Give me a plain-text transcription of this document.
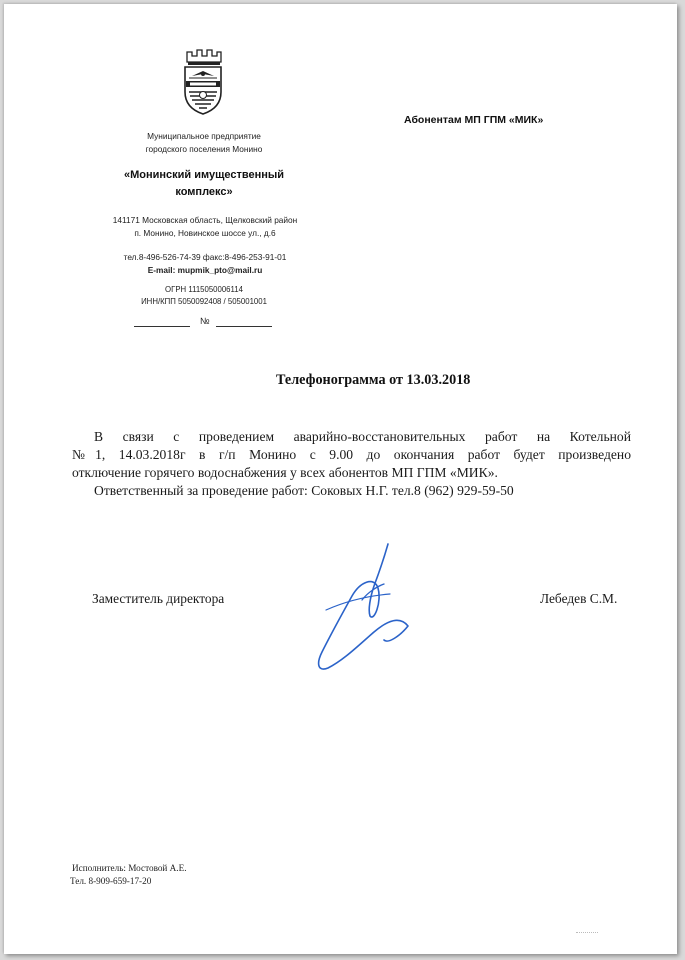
Муниципальное предприятие
городского поселения Монино
«Монинский имущественный
комплекс»
141171 Московская область, Щелковский район
п. Монино, Новинское шоссе ул., д.6
тел.8-496-526-74-39 факс:8-496-253-91-01
E-mail: mupmik_pto@mail.ru
ОГРН 1115050006114
ИНН/КПП 5050092408 / 505001001
№
Абонентам МП ГПМ «МИК»
Телефонограмма от 13.03.2018
В связи с проведением аварийно-восстановительных работ на Котельной
№1, 14.03.2018г в г/п Монино с 9.00 до окончания работ будет произведено
отключение горячего водоснабжения у всех абонентов МП ГПМ «МИК».
Ответственный за проведение работ: Соковых Н.Г. тел.8 (962) 929-59-50
Заместитель директора	Лебедев С.М.
Исполнитель: Мостовой А.Е.
Тел. 8-909-659-17-20
